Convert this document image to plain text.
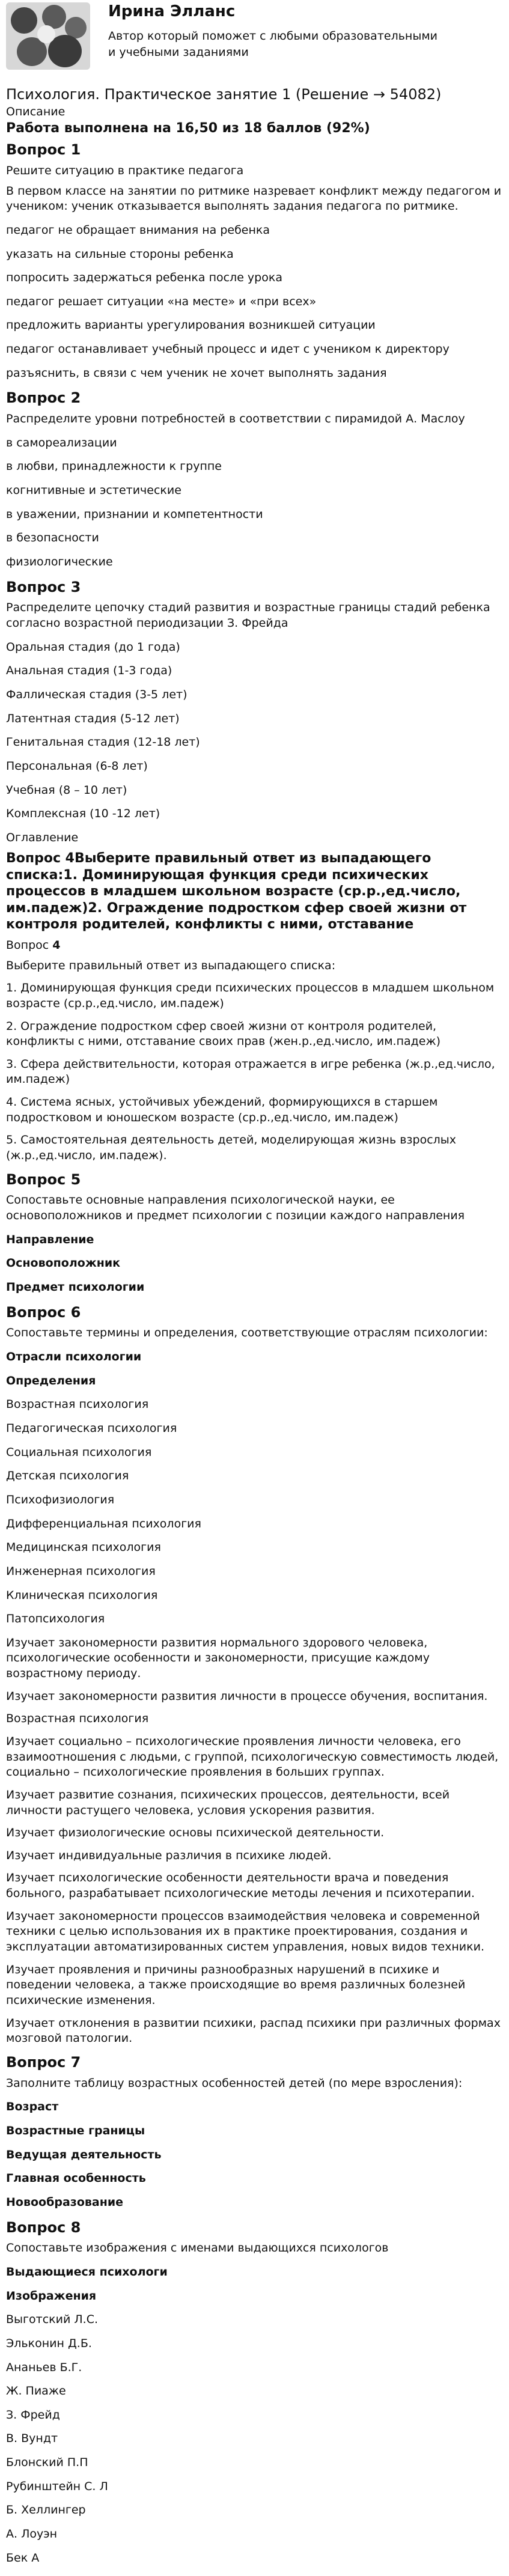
Ирина Элланс
Автор который поможет с любыми образовательными и учебными заданиями
Психология. Практическое занятие 1 (Решение → 54082)
Описание
Работа выполнена на 16,50 из 18 баллов (92%)
Вопрос 1
Решите ситуацию в практике педагога
В первом классе на занятии по ритмике назревает конфликт между педагогом и учеником: ученик отказывается выполнять задания педагога по ритмике.
педагог не обращает внимания на ребенка
указать на сильные стороны ребенка
попросить задержаться ребенка после урока
педагог решает ситуации «на месте» и «при всех»
предложить варианты урегулирования возникшей ситуации
педагог останавливает учебный процесс и идет с учеником к директору
разъяснить, в связи с чем ученик не хочет выполнять задания
Вопрос 2
Распределите уровни потребностей в соответствии с пирамидой А. Маслоу
в самореализации
в любви, принадлежности к группе
когнитивные и эстетические
в уважении, признании и компетентности
в безопасности
физиологические
Вопрос 3
Распределите цепочку стадий развития и возрастные границы стадий ребенка согласно возрастной периодизации З. Фрейда
Оральная стадия (до 1 года)
Анальная стадия (1-3 года)
Фаллическая стадия (3-5 лет)
Латентная стадия (5-12 лет)
Генитальная стадия (12-18 лет)
Персональная (6-8 лет)
Учебная (8 – 10 лет)
Комплексная (10 -12 лет)
Оглавление
Вопрос 4Выберите правильный ответ из выпадающего списка:1. Доминирующая функция среди психических процессов в младшем школьном возрасте (ср.р.,ед.число, им.падеж)2. Ограждение подростком сфер своей жизни от контроля родителей, конфликты с ними, отставание
Вопрос 4
Выберите правильный ответ из выпадающего списка:
1. Доминирующая функция среди психических процессов в младшем школьном возрасте (ср.р.,ед.число, им.падеж)
2. Ограждение подростком сфер своей жизни от контроля родителей, конфликты с ними, отставание своих прав (жен.р.,ед.число, им.падеж)
3. Сфера действительности, которая отражается в игре ребенка (ж.р.,ед.число, им.падеж)
4. Система ясных, устойчивых убеждений, формирующихся в старшем подростковом и юношеском возрасте (ср.р.,ед.число, им.падеж)
5. Самостоятельная деятельность детей, моделирующая жизнь взрослых (ж.р.,ед.число, им.падеж).
Вопрос 5
Сопоставьте основные направления психологической науки, ее основоположников и предмет психологии с позиции каждого направления
Направление
Основоположник
Предмет психологии
Вопрос 6
Сопоставьте термины и определения, соответствующие отраслям психологии:
Отрасли психологии
Определения
Возрастная психология
Педагогическая психология
Социальная психология
Детская психология
Психофизиология
Дифференциальная психология
Медицинская психология
Инженерная психология
Клиническая психология
Патопсихология
Изучает закономерности развития нормального здорового человека, психологические особенности и закономерности, присущие каждому возрастному периоду.
Изучает закономерности развития личности в процессе обучения, воспитания.
Возрастная психология
Изучает социально – психологические проявления личности человека, его взаимоотношения с людьми, с группой, психологическую совместимость людей, социально – психологические проявления в больших группах.
Изучает развитие сознания, психических процессов, деятельности, всей личности растущего человека, условия ускорения развития.
Изучает физиологические основы психической деятельности.
Изучает индивидуальные различия в психике людей.
Изучает психологические особенности деятельности врача и поведения больного, разрабатывает психологические методы лечения и психотерапии.
Изучает закономерности процессов взаимодействия человека и современной техники с целью использования их в практике проектирования, создания и эксплуатации автоматизированных систем управления, новых видов техники.
Изучает проявления и причины разнообразных нарушений в психике и поведении человека, а также происходящие во время различных болезней психические изменения.
Изучает отклонения в развитии психики, распад психики при различных формах мозговой патологии.
Вопрос 7
Заполните таблицу возрастных особенностей детей (по мере взросления):
Возраст
Возрастные границы
Ведущая деятельность
Главная особенность
Новообразование
Вопрос 8
Сопоставьте изображения с именами выдающихся психологов
Выдающиеся психологи
Изображения
Выготский Л.С.
Эльконин Д.Б.
Ананьев Б.Г.
Ж. Пиаже
З. Фрейд
В. Вундт
Блонский П.П
Рубинштейн С. Л
Б. Хеллингер
А. Лоуэн
Бек А
